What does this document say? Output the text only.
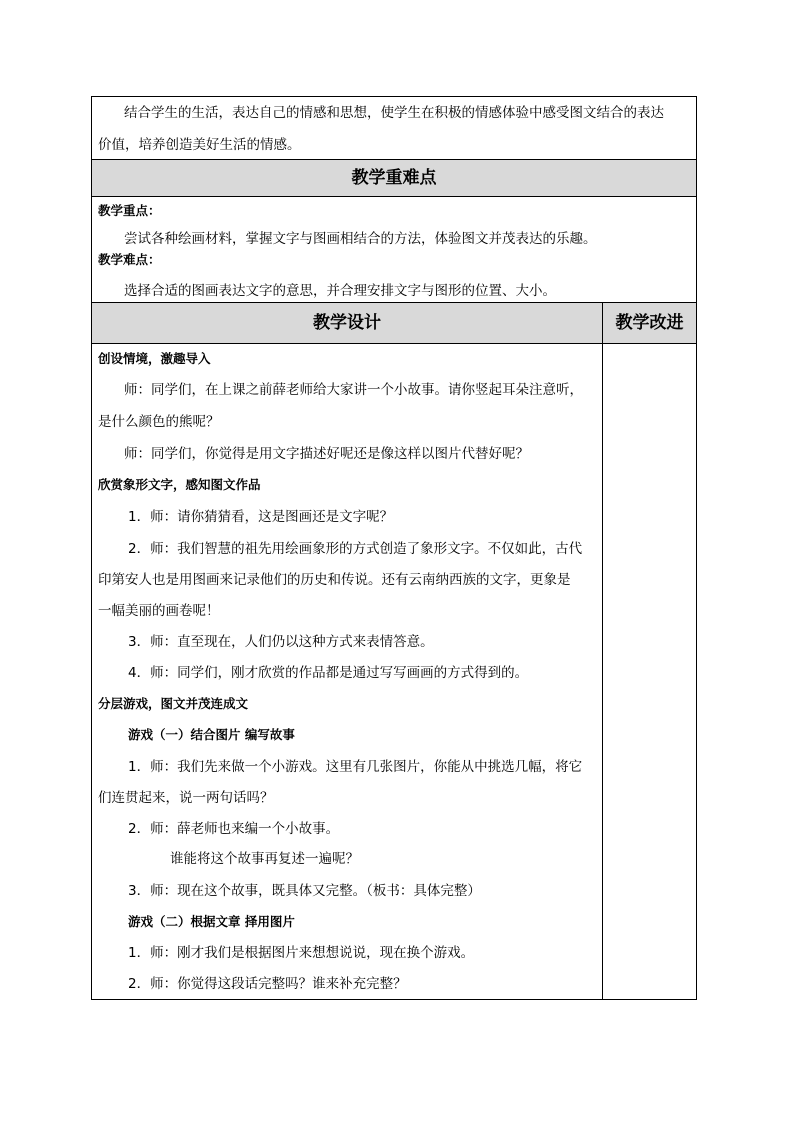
结合学生的生活，表达自己的情感和思想，使学生在积极的情感体验中感受图文结合的表达
价值，培养创造美好生活的情感。
教学重难点
教学重点：
尝试各种绘画材料，掌握文字与图画相结合的方法，体验图文并茂表达的乐趣。
教学难点：
选择合适的图画表达文字的意思，并合理安排文字与图形的位置、大小。
教学设计	教学改进
创设情境，激趣导入
师：同学们，在上课之前薛老师给大家讲一个小故事。请你竖起耳朵注意听，
是什么颜色的熊呢？
师：同学们，你觉得是用文字描述好呢还是像这样以图片代替好呢？
欣赏象形文字，感知图文作品
1．师：请你猜猜看，这是图画还是文字呢？
2．师：我们智慧的祖先用绘画象形的方式创造了象形文字。不仅如此，古代
印第安人也是用图画来记录他们的历史和传说。还有云南纳西族的文字，更象是
一幅美丽的画卷呢！
3．师：直至现在，人们仍以这种方式来表情答意。
4．师：同学们，刚才欣赏的作品都是通过写写画画的方式得到的。
分层游戏，图文并茂连成文
游戏（一）结合图片 编写故事
1．师：我们先来做一个小游戏。这里有几张图片，你能从中挑选几幅，将它
们连贯起来，说一两句话吗？
2．师：薛老师也来编一个小故事。
谁能将这个故事再复述一遍呢？
3．师：现在这个故事，既具体又完整。（板书：具体完整）
游戏（二）根据文章 择用图片
1．师：刚才我们是根据图片来想想说说，现在换个游戏。
2．师：你觉得这段话完整吗？谁来补充完整？
